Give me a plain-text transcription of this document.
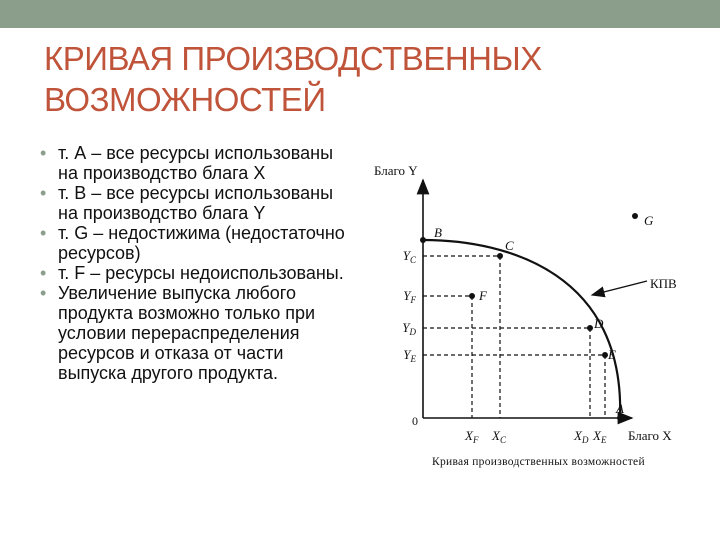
КРИВАЯ ПРОИЗВОДСТВЕННЫХ
ВОЗМОЖНОСТЕЙ
• т. А – все ресурсы использованы на производство блага X
• т. B – все ресурсы использованы на производство блага Y
• т. G – недостижима (недостаточно ресурсов)
• т. F – ресурсы недоиспользованы.
• Увеличение выпуска любого продукта возможно только при условии перераспределения ресурсов и отказа от части выпуска другого продукта.
B
C
F
D
E
A
G
КПВ
Благо Y
Благо X
0
$Y_C$
$Y_F$
$Y_D$
$Y_E$
$X_F$ $X_C$	$X_D$ $X_E$
Кривая производственных возможностей
